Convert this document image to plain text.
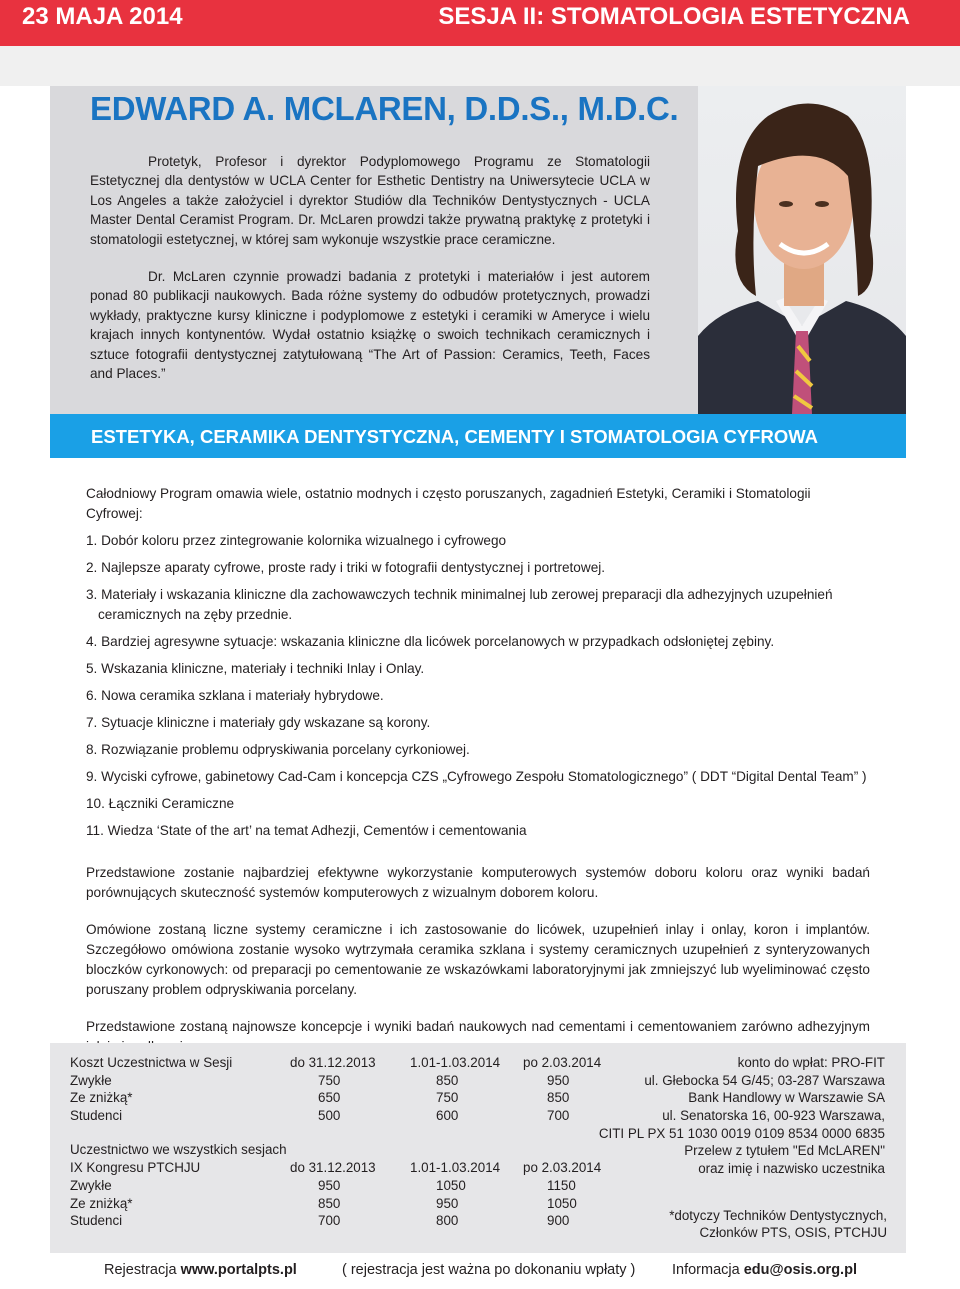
23 MAJA 2014	SESJA II: STOMATOLOGIA ESTETYCZNA
EDWARD A. MCLAREN, D.D.S., M.D.C.

Protetyk, Profesor i dyrektor Podyplomowego Programu ze Stomatologii Estetycznej dla dentystów w UCLA Center for Esthetic Dentistry na Uniwersytecie UCLA w Los Angeles a także założyciel i dyrektor Studiów dla Techników Dentystycznych - UCLA Master Dental Ceramist Program. Dr. McLaren prowdzi także prywatną praktykę z protetyki i stomatologii estetycznej, w której sam wykonuje wszystkie prace ceramiczne.

Dr. McLaren czynnie prowadzi badania z protetyki i materiałów i jest autorem ponad 80 publikacji naukowych. Bada różne systemy do odbudów protetycznych, prowadzi wykłady, praktyczne kursy kliniczne i podyplomowe z estetyki i ceramiki w Ameryce i wielu krajach innych kontynentów. Wydał ostatnio książkę o swoich technikach ceramicznych i sztuce fotografii dentystycznej zatytułowaną “The Art of Passion: Ceramics, Teeth, Faces and Places.”

ESTETYKA, CERAMIKA DENTYSTYCZNA, CEMENTY I STOMATOLOGIA CYFROWA

Całodniowy Program omawia wiele, ostatnio modnych i często poruszanych, zagadnień Estetyki, Ceramiki i Stomatologii Cyfrowej:

1. Dobór koloru przez zintegrowanie kolornika wizualnego i cyfrowego
2. Najlepsze aparaty cyfrowe, proste rady i triki w fotografii dentystycznej i portretowej.
3. Materiały i wskazania kliniczne dla zachowawczych technik minimalnej lub zerowej preparacji dla adhezyjnych uzupełnień
ceramicznych na zęby przednie.
4. Bardziej agresywne sytuacje: wskazania kliniczne dla licówek porcelanowych w przypadkach odsłoniętej zębiny.
5. Wskazania kliniczne, materiały i techniki Inlay i Onlay.
6. Nowa ceramika szklana i materiały hybrydowe.
7. Sytuacje kliniczne i materiały gdy wskazane są korony.
8. Rozwiązanie problemu odpryskiwania porcelany cyrkoniowej.
9. Wyciski cyfrowe, gabinetowy Cad-Cam i koncepcja CZS „Cyfrowego Zespołu Stomatologicznego” ( DDT “Digital Dental Team” )
10. Łączniki Ceramiczne
11. Wiedza ‘State of the art’ na temat Adhezji, Cementów i cementowania

Przedstawione zostanie najbardziej efektywne wykorzystanie komputerowych systemów doboru koloru oraz wyniki badań porównujących skuteczność systemów komputerowych z wizualnym doborem koloru.

Omówione zostaną liczne systemy ceramiczne i ich zastosowanie do licówek, uzupełnień inlay i onlay, koron i implantów. Szczegółowo omówiona zostanie wysoko wytrzymała ceramika szklana i systemy ceramicznych uzupełnień z synteryzowanych bloczków cyrkonowych: od preparacji po cementowanie ze wskazówkami laboratoryjnymi jak zmniejszyć lub wyeliminować często poruszany problem odpryskiwania porcelany.

Przedstawione zostaną najnowsze koncepcje i wyniki badań naukowych nad cementami i cementowaniem zarówno adhezyjnym

Koszt Uczestnictwa w Sesji	do 31.12.2013	1.01-1.03.2014 po 2.03.2014
Zwykłe	750	850	950
Ze zniżką*	650	750	850
Studenci	500	600	700
Uczestnictwo we wszystkich sesjach
IX Kongresu PTCHJU	do 31.12.2013	1.01-1.03.2014 po 2.03.2014
Zwykłe	950	1050	1150
Ze zniżką*	850	950	1050
Studenci	700	800	900
konto do wpłat: PRO-FIT
ul. Głebocka 54 G/45; 03-287 Warszawa
Bank Handlowy w Warszawie SA
ul. Senatorska 16, 00-923 Warszawa,
CITI PL PX 51 1030 0019 0109 8534 0000 6835
Przelew z tytułem "Ed McLAREN"
oraz imię i nazwisko uczestnika
*dotyczy Techników Dentystycznych,
Członków PTS, OSIS, PTCHJU
Rejestracja www.portalpts.pl	( rejestracja jest ważna po dokonaniu wpłaty )	Informacja edu@osis.org.pl
